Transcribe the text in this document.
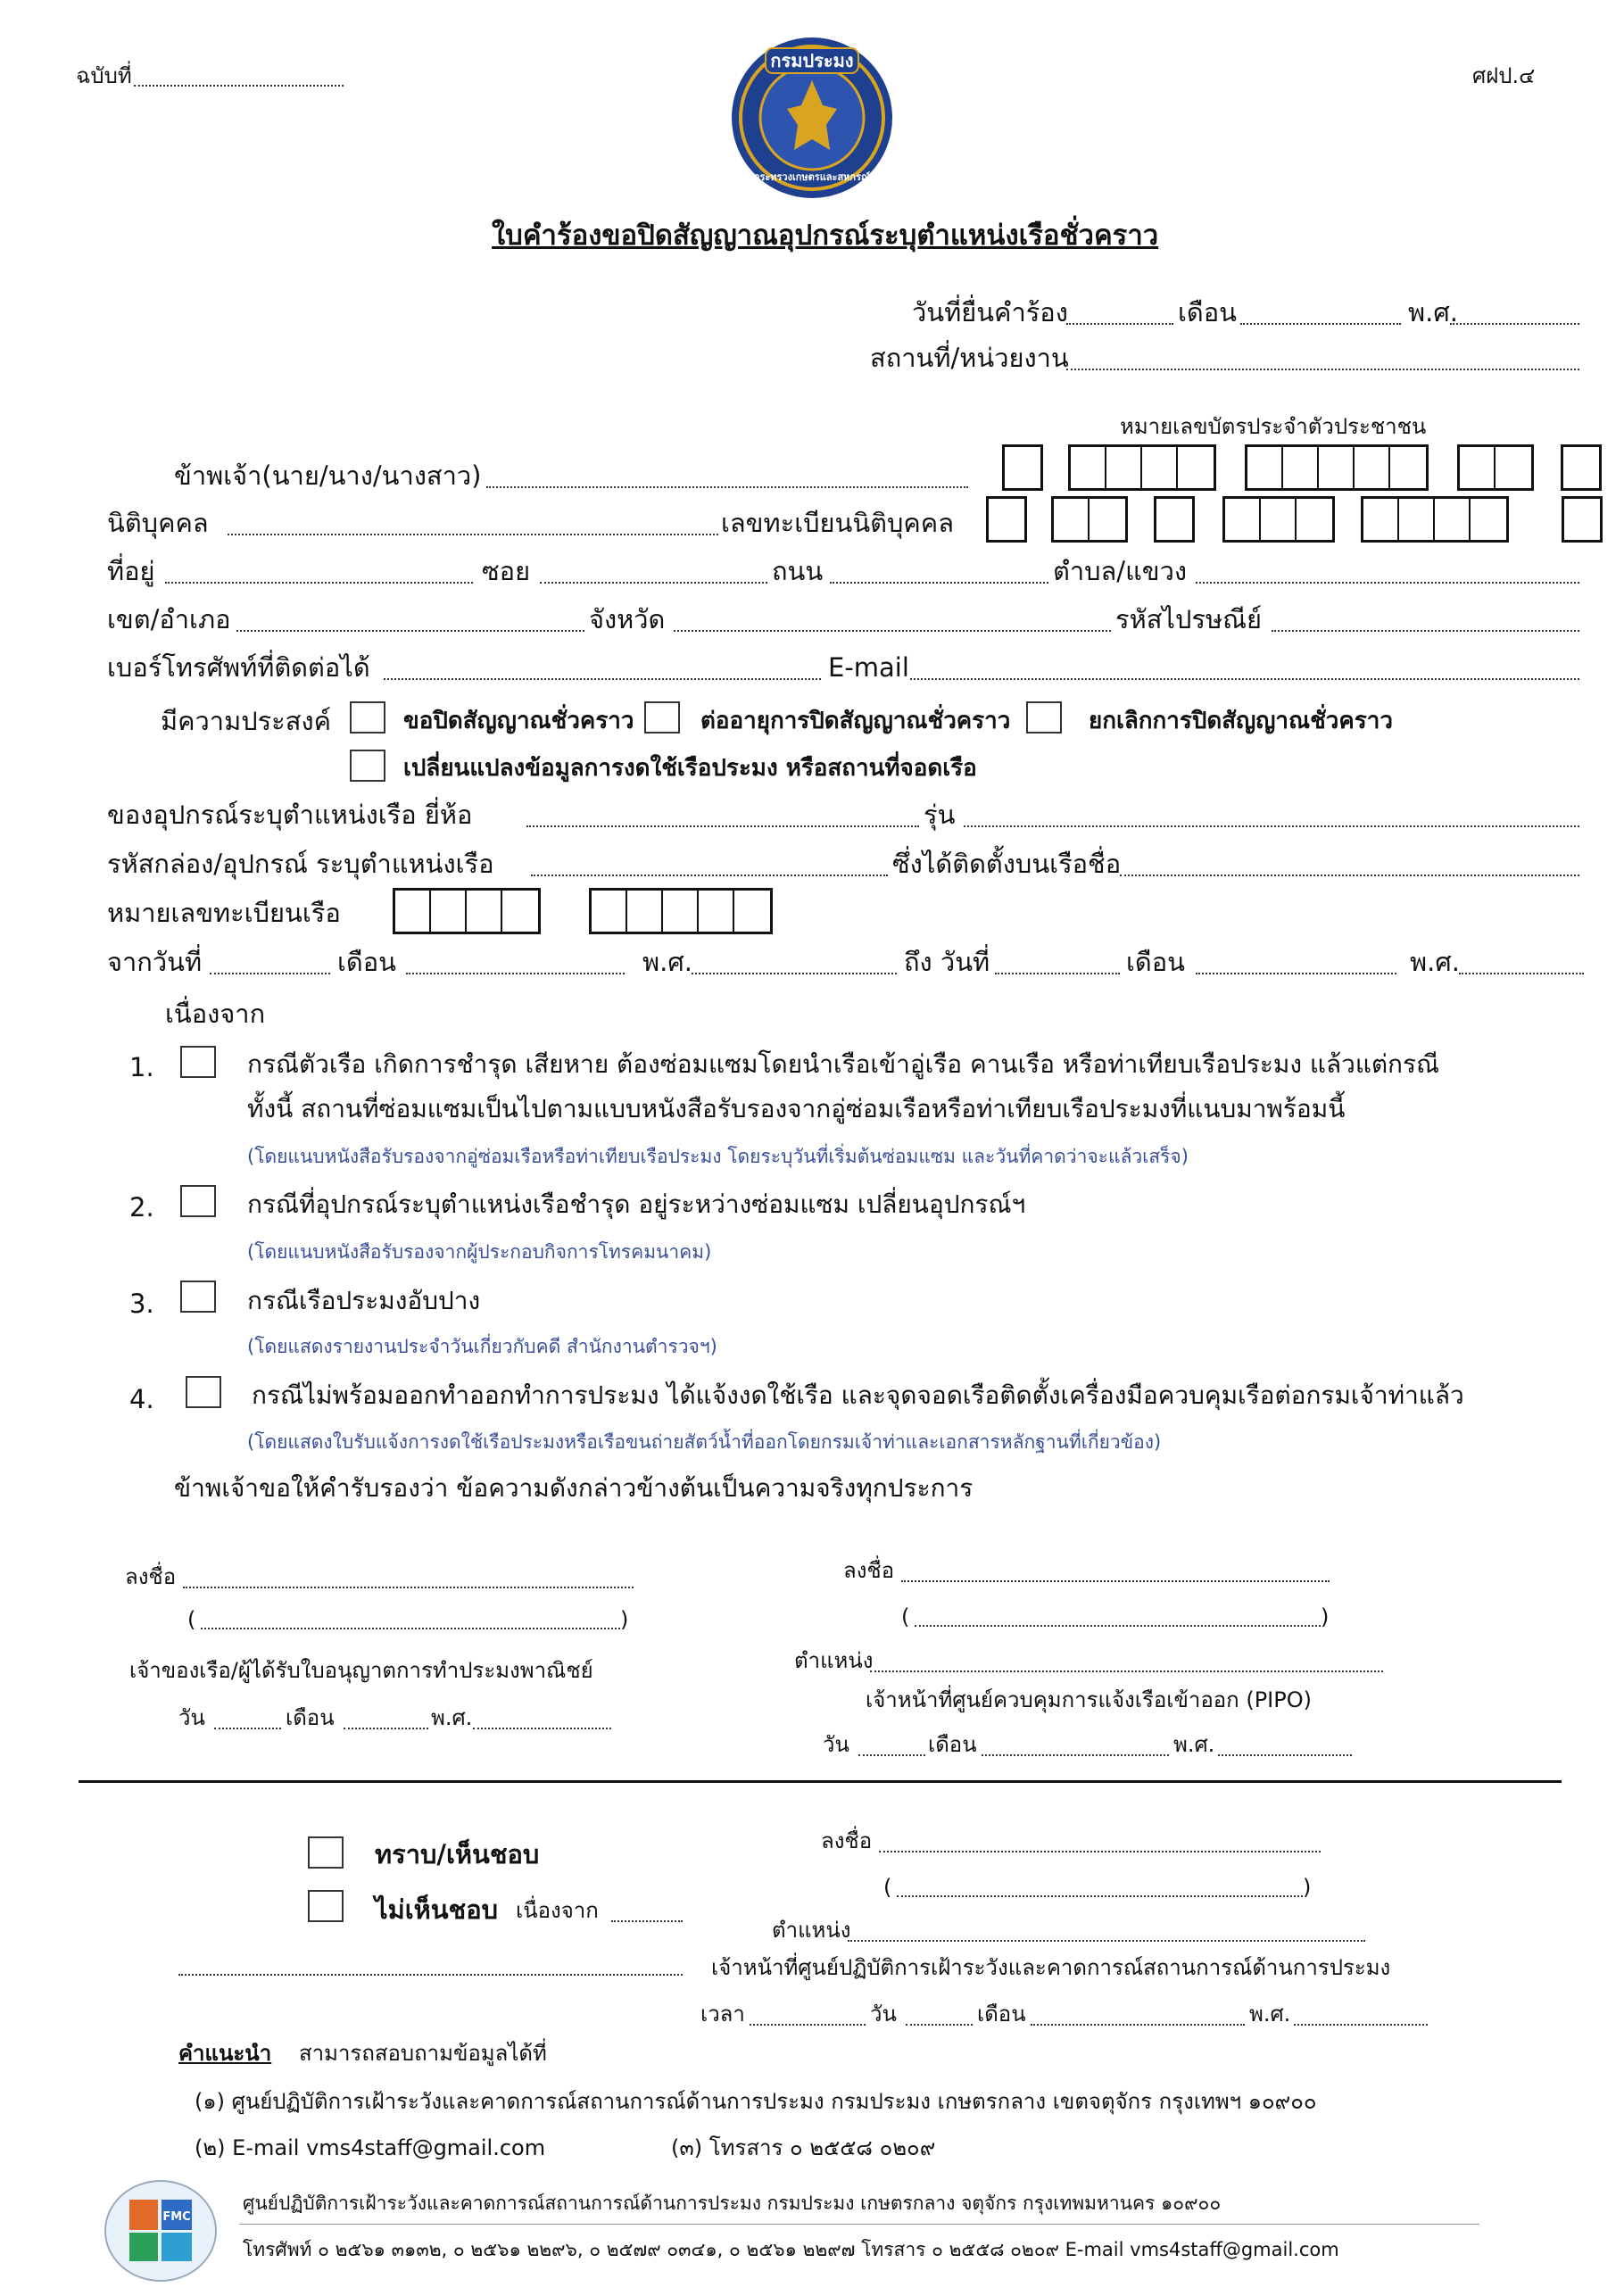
ฉบับที่	ศฝป.๔
กรมประมง
กระทรวงเกษตรและสหกรณ์
ใบคำร้องขอปิดสัญญาณอุปกรณ์ระบุตำแหน่งเรือชั่วคราว
วันที่ยื่นคำร้อง	เดือน	พ.ศ.
สถานที่/หน่วยงาน
หมายเลขบัตรประจำตัวประชาชน
ข้าพเจ้า(นาย/นาง/นางสาว)
นิติบุคคล	เลขทะเบียนนิติบุคคล
ที่อยู่	ซอย	ถนน	ตำบล/แขวง
เขต/อำเภอ	จังหวัด	รหัสไปรษณีย์
เบอร์โทรศัพท์ที่ติดต่อได้	E-mail
มีความประสงค์	ขอปิดสัญญาณชั่วคราว	ต่ออายุการปิดสัญญาณชั่วคราว	ยกเลิกการปิดสัญญาณชั่วคราว
เปลี่ยนแปลงข้อมูลการงดใช้เรือประมง หรือสถานที่จอดเรือ
ของอุปกรณ์ระบุตำแหน่งเรือ ยี่ห้อ	รุ่น
รหัสกล่อง/อุปกรณ์ ระบุตำแหน่งเรือ	ซึ่งได้ติดตั้งบนเรือชื่อ
หมายเลขทะเบียนเรือ
จากวันที่	เดือน	พ.ศ.	ถึง วันที่	เดือน	พ.ศ.
เนื่องจาก
1.	กรณีตัวเรือ เกิดการชำรุด เสียหาย ต้องซ่อมแซมโดยนำเรือเข้าอู่เรือ คานเรือ หรือท่าเทียบเรือประมง แล้วแต่กรณี
ทั้งนี้ สถานที่ซ่อมแซมเป็นไปตามแบบหนังสือรับรองจากอู่ซ่อมเรือหรือท่าเทียบเรือประมงที่แนบมาพร้อมนี้
(โดยแนบหนังสือรับรองจากอู่ซ่อมเรือหรือท่าเทียบเรือประมง โดยระบุวันที่เริ่มต้นซ่อมแซม และวันที่คาดว่าจะแล้วเสร็จ)
2.	กรณีที่อุปกรณ์ระบุตำแหน่งเรือชำรุด อยู่ระหว่างซ่อมแซม เปลี่ยนอุปกรณ์ฯ
(โดยแนบหนังสือรับรองจากผู้ประกอบกิจการโทรคมนาคม)
3.	กรณีเรือประมงอับปาง
(โดยแสดงรายงานประจำวันเกี่ยวกับคดี สำนักงานตำรวจฯ)
4.	กรณีไม่พร้อมออกทำออกทำการประมง ได้แจ้งงดใช้เรือ และจุดจอดเรือติดตั้งเครื่องมือควบคุมเรือต่อกรมเจ้าท่าแล้ว
(โดยแสดงใบรับแจ้งการงดใช้เรือประมงหรือเรือขนถ่ายสัตว์น้ำที่ออกโดยกรมเจ้าท่าและเอกสารหลักฐานที่เกี่ยวข้อง)
ข้าพเจ้าขอให้คำรับรองว่า ข้อความดังกล่าวข้างต้นเป็นความจริงทุกประการ
ลงชื่อ
(	)
เจ้าของเรือ/ผู้ได้รับใบอนุญาตการทำประมงพาณิชย์
วัน	เดือน	พ.ศ.
ลงชื่อ
(	)
ตำแหน่ง
เจ้าหน้าที่ศูนย์ควบคุมการแจ้งเรือเข้าออก (PIPO)
วัน	เดือน	พ.ศ.
ทราบ/เห็นชอบ
ไม่เห็นชอบ เนื่องจาก
ลงชื่อ
(	)
ตำแหน่ง
เจ้าหน้าที่ศูนย์ปฏิบัติการเฝ้าระวังและคาดการณ์สถานการณ์ด้านการประมง
เวลา	วัน	เดือน	พ.ศ.
คำแนะนำ สามารถสอบถามข้อมูลได้ที่
(๑) ศูนย์ปฏิบัติการเฝ้าระวังและคาดการณ์สถานการณ์ด้านการประมง กรมประมง เกษตรกลาง เขตจตุจักร กรุงเทพฯ ๑๐๙๐๐
(๒) E-mail vms4staff@gmail.com	(๓) โทรสาร ๐ ๒๕๕๘ ๐๒๐๙
FMC
ศูนย์ปฏิบัติการเฝ้าระวังและคาดการณ์สถานการณ์ด้านการประมง กรมประมง เกษตรกลาง จตุจักร กรุงเทพมหานคร ๑๐๙๐๐
โทรศัพท์ ๐ ๒๕๖๑ ๓๑๓๒, ๐ ๒๕๖๑ ๒๒๙๖, ๐ ๒๕๗๙ ๐๓๔๑, ๐ ๒๕๖๑ ๒๒๙๗ โทรสาร ๐ ๒๕๕๘ ๐๒๐๙ E-mail vms4staff@gmail.com
